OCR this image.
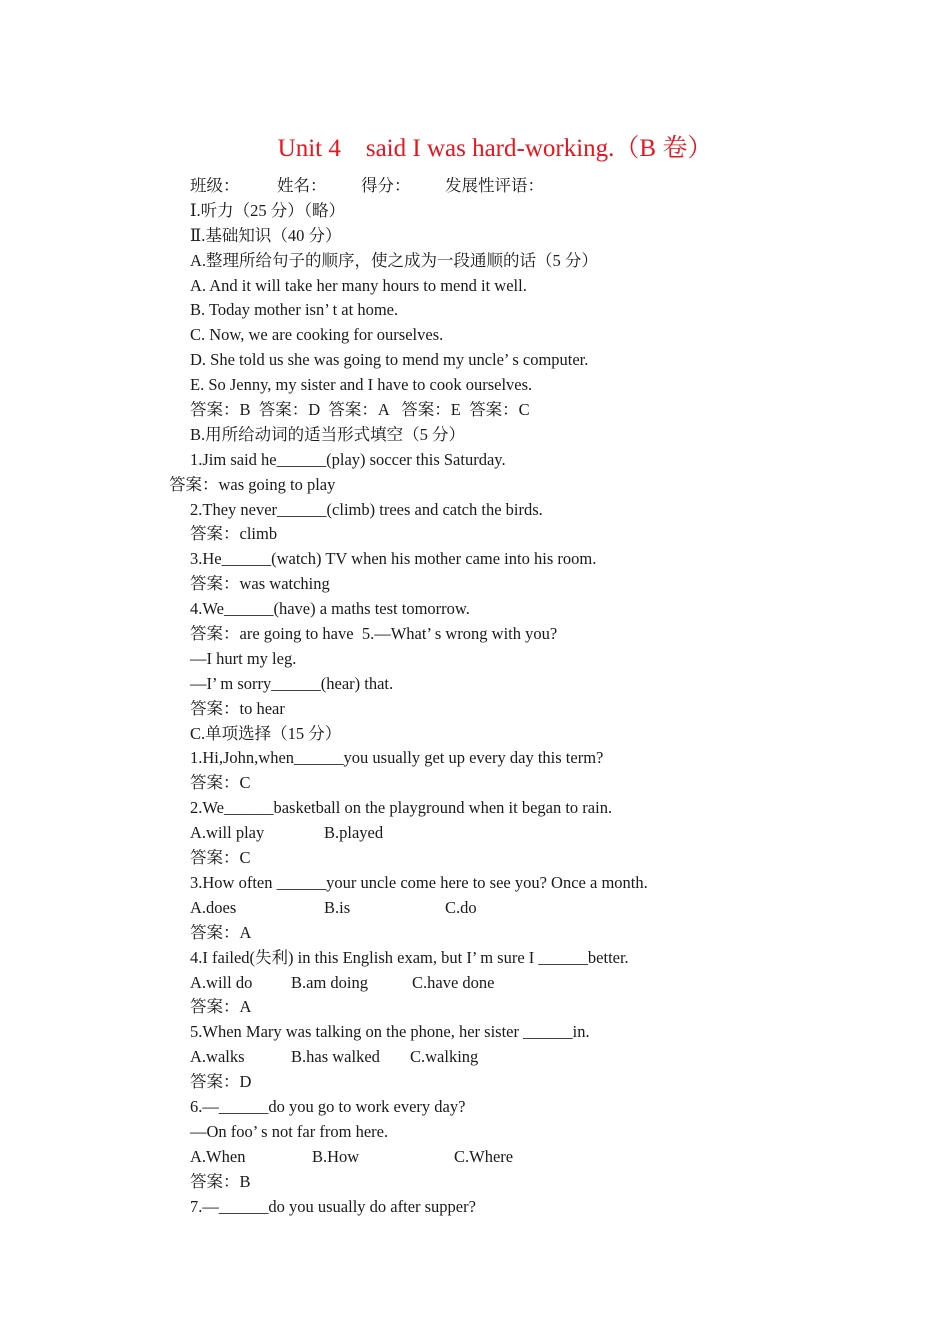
Unit 4    said I was hard-working.（B 卷）
班级： 姓名： 得分： 发展性评语：
Ⅰ.听力（25 分）（略）
Ⅱ.基础知识（40 分）
A.整理所给句子的顺序，使之成为一段通顺的话（5 分）
A. And it will take her many hours to mend it well.
B. Today mother isn’ t at home.
C. Now, we are cooking for ourselves.
D. She told us she was going to mend my uncle’ s computer.
E. So Jenny, my sister and I have to cook ourselves.
答案：B  答案：D  答案：A   答案：E  答案：C
B.用所给动词的适当形式填空（5 分）
1.Jim said he______(play) soccer this Saturday.
答案：was going to play
2.They never______(climb) trees and catch the birds.
答案：climb
3.He______(watch) TV when his mother came into his room.
答案：was watching
4.We______(have) a maths test tomorrow.
答案：are going to have  5.—What’ s wrong with you?
—I hurt my leg.
—I’ m sorry______(hear) that.
答案：to hear
C.单项选择（15 分）
1.Hi,John,when______you usually get up every day this term?
答案：C
2.We______basketball on the playground when it began to rain.
A.will play	B.played
答案：C
3.How often ______your uncle come here to see you? Once a month.
A.does	B.is	C.do
答案：A
4.I failed(失利) in this English exam, but I’ m sure I ______better.
A.will do B.am doing	C.have done
答案：A
5.When Mary was talking on the phone, her sister ______in.
A.walks	B.has walked C.walking
答案：D
6.—______do you go to work every day?
—On foo’ s not far from here.
A.When	B.How	C.Where
答案：B
7.—______do you usually do after supper?
